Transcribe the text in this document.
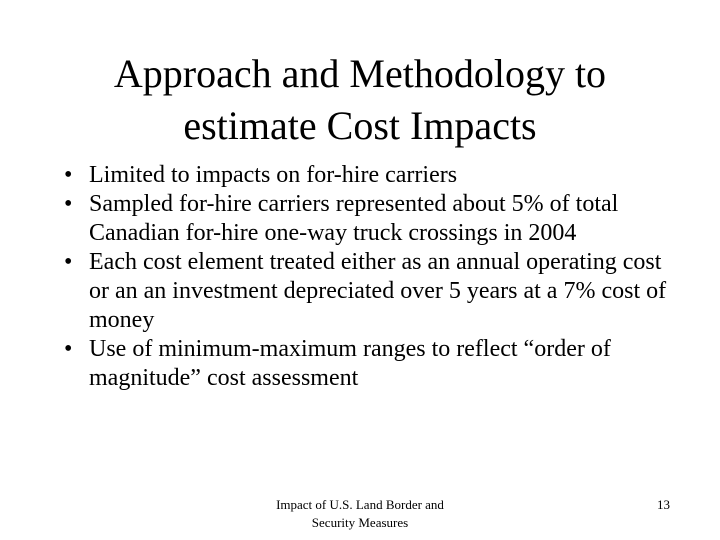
Approach and Methodology to
estimate Cost Impacts
• Limited to impacts on for-hire carriers
• Sampled for-hire carriers represented about 5% of total Canadian for-hire one-way truck crossings in 2004
• Each cost element treated either as an annual operating cost or an an investment depreciated over 5 years at a 7% cost of money
• Use of minimum-maximum ranges to reflect “order of magnitude” cost assessment
Impact of U.S. Land Border and
Security Measures
13
